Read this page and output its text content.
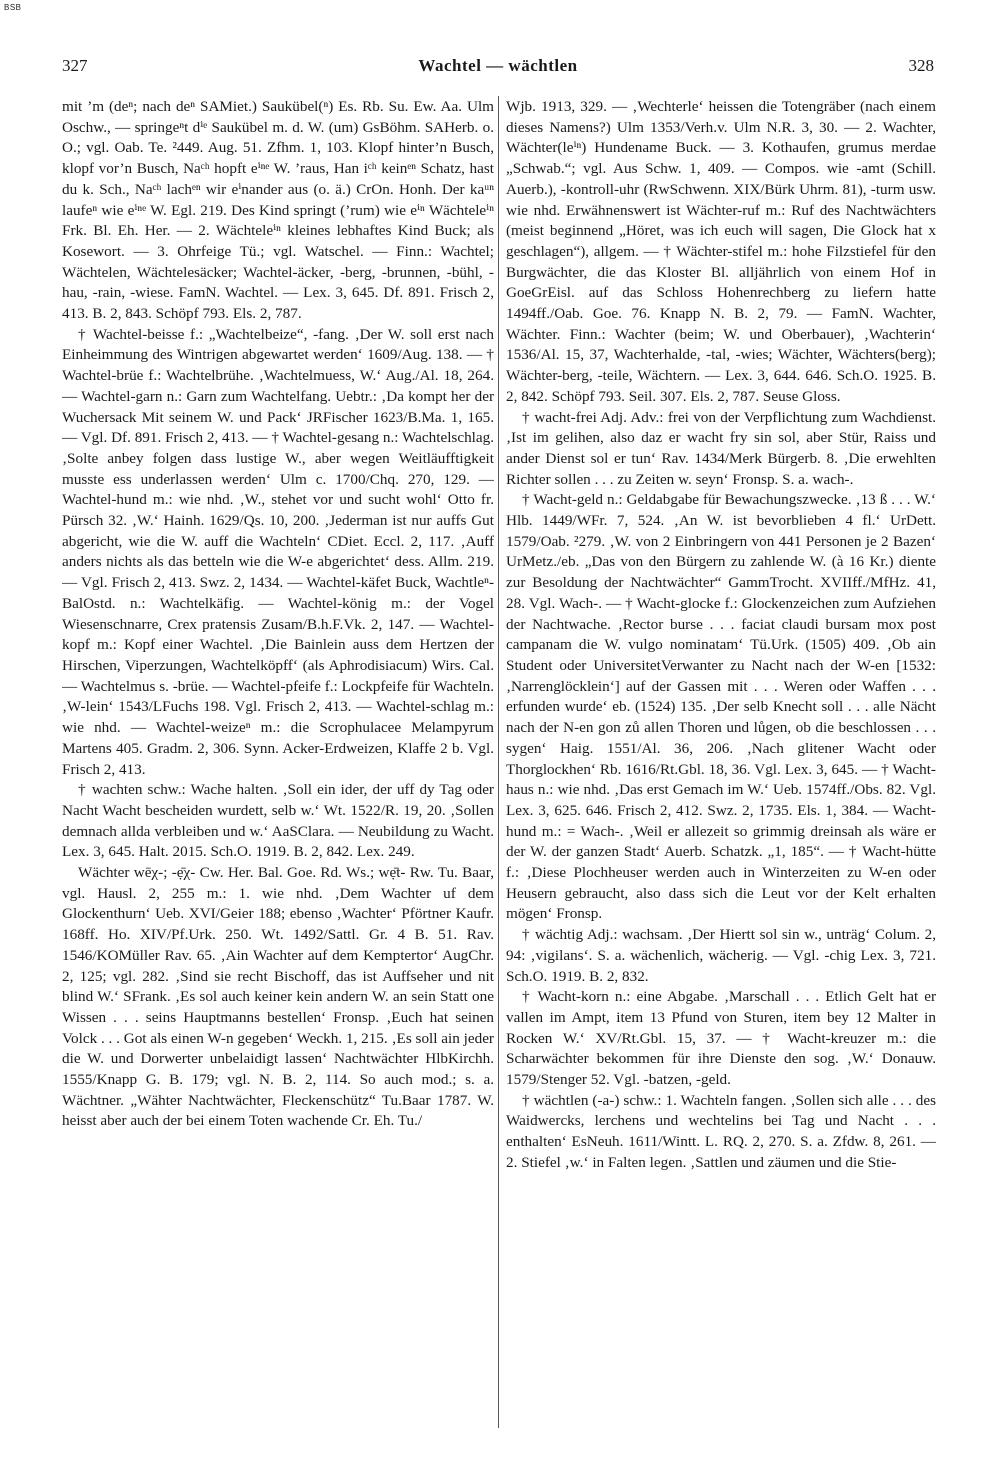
BSB
327	Wachtel — wächtlen	328

mit ’m (deⁿ; nach deⁿ SAMiet.) Saukübel(ⁿ) Es. Rb. Su. Ew. Aa. Ulm Oschw., — springeⁿt dⁱᵉ Saukübel m. d. W. (um) GsBöhm. SAHerb. o. O.; vgl. Oab. Te. ²449. Aug. 51. Zfhm. 1, 103. Klopf hinter’n Busch, klopf vor’n Busch, Naᶜʰ hopft eⁱⁿᵉ W. ’raus, Han iᶜʰ keinᵉⁿ Schatz, hast du k. Sch., Naᶜʰ lachᵉⁿ wir eⁱnander aus (o. ä.) CrOn. Honh. Der kaᵘⁿ laufeⁿ wie eⁱⁿᵉ W. Egl. 219. Des Kind springt (’rum) wie eⁱⁿ Wächteleⁱⁿ Frk. Bl. Eh. Her. — 2. Wächteleⁱⁿ kleines lebhaftes Kind Buck; als Kosewort. — 3. Ohrfeige Tü.; vgl. Watschel. — Finn.: Wachtel; Wächtelen, Wächtelesäcker; Wachtel-äcker, -berg, -brunnen, -bühl, -hau, -rain, -wiese. FamN. Wachtel. — Lex. 3, 645. Df. 891. Frisch 2, 413. B. 2, 843. Schöpf 793. Els. 2, 787.

† Wachtel-beisse f.: „Wachtelbeize“, -fang. ‚Der W. soll erst nach Einheimmung des Wintrigen abgewartet werden‘ 1609/Aug. 138. — † Wachtel-brüe f.: Wachtelbrühe. ‚Wachtelmuess, W.‘ Aug./Al. 18, 264. — Wachtel-garn n.: Garn zum Wachtelfang. Uebtr.: ‚Da kompt her der Wuchersack Mit seinem W. und Pack‘ JRFischer 1623/B.Ma. 1, 165. — Vgl. Df. 891. Frisch 2, 413. — † Wachtel-gesang n.: Wachtelschlag. ‚Solte anbey folgen dass lustige W., aber wegen Weitläufftigkeit musste ess underlassen werden‘ Ulm c. 1700/Chq. 270, 129. — Wachtel-hund m.: wie nhd. ‚W., stehet vor und sucht wohl‘ Otto fr. Pürsch 32. ‚W.‘ Hainh. 1629/Qs. 10, 200. ‚Jederman ist nur auffs Gut abgericht, wie die W. auff die Wachteln‘ CDiet. Eccl. 2, 117. ‚Auff anders nichts als das betteln wie die W-e abgerichtet‘ dess. Allm. 219. — Vgl. Frisch 2, 413. Swz. 2, 1434. — Wachtel-käfet Buck, Wachtleⁿ- BalOstd. n.: Wachtelkäfig. — Wachtel-könig m.: der Vogel Wiesenschnarre, Crex pratensis Zusam/B.h.F.Vk. 2, 147. — Wachtel-kopf m.: Kopf einer Wachtel. ‚Die Bainlein auss dem Hertzen der Hirschen, Viperzungen, Wachtelköpff‘ (als Aphrodisiacum) Wirs. Cal. — Wachtelmus s. -brüe. — Wachtel-pfeife f.: Lockpfeife für Wachteln. ‚W-lein‘ 1543/LFuchs 198. Vgl. Frisch 2, 413. — Wachtel-schlag m.: wie nhd. — Wachtel-weizeⁿ m.: die Scrophulacee Melampyrum Martens 405. Gradm. 2, 306. Synn. Acker-Erdweizen, Klaffe 2 b. Vgl. Frisch 2, 413.

† wachten schw.: Wache halten. ‚Soll ein ider, der uff dy Tag oder Nacht Wacht bescheiden wurdett, selb w.‘ Wt. 1522/R. 19, 20. ‚Sollen demnach allda verbleiben und w.‘ AaSClara. — Neubildung zu Wacht. Lex. 3, 645. Halt. 2015. Sch.O. 1919. B. 2, 842. Lex. 249.

Wächter wēχ-; -ẹ̄χ- Cw. Her. Bal. Goe. Rd. Ws.; wẹ̄t- Rw. Tu. Baar, vgl. Hausl. 2, 255 m.: 1. wie nhd. ‚Dem Wachter uf dem Glockenthurn‘ Ueb. XVI/Geier 188; ebenso ‚Wachter‘ Pförtner Kaufr. 168ff. Ho. XIV/Pf.Urk. 250. Wt. 1492/Sattl. Gr. 4 B. 51. Rav. 1546/KOMüller Rav. 65. ‚Ain Wachter auf dem Kemptertor‘ AugChr. 2, 125; vgl. 282. ‚Sind sie recht Bischoff, das ist Auffseher und nit blind W.‘ SFrank. ‚Es sol auch keiner kein andern W. an sein Statt one Wissen . . . seins Hauptmanns bestellen‘ Fronsp. ‚Euch hat seinen Volck . . . Got als einen W-n gegeben‘ Weckh. 1, 215. ‚Es soll ain jeder die W. und Dorwerter unbelaidigt lassen‘ Nachtwächter HlbKirchh. 1555/Knapp G. B. 179; vgl. N. B. 2, 114. So auch mod.; s. a. Wächtner. „Wähter Nachtwächter, Fleckenschütz“ Tu.Baar 1787. W. heisst aber auch der bei einem Toten wachende Cr. Eh. Tu./

Wjb. 1913, 329. — ‚Wechterle‘ heissen die Totengräber (nach einem dieses Namens?) Ulm 1353/Verh.v. Ulm N.R. 3, 30. — 2. Wachter, Wächter(leⁱⁿ) Hundename Buck. — 3. Kothaufen, grumus merdae „Schwab.“; vgl. Aus Schw. 1, 409. — Compos. wie -amt (Schill. Auerb.), -kontroll-uhr (RwSchwenn. XIX/Bürk Uhrm. 81), -turm usw. wie nhd. Erwähnenswert ist Wächter-ruf m.: Ruf des Nachtwächters (meist beginnend „Höret, was ich euch will sagen, Die Glock hat x geschlagen“), allgem. — † Wächter-stifel m.: hohe Filzstiefel für den Burgwächter, die das Kloster Bl. alljährlich von einem Hof in GoeGrEisl. auf das Schloss Hohenrechberg zu liefern hatte 1494ff./Oab. Goe. 76. Knapp N. B. 2, 79. — FamN. Wachter, Wächter. Finn.: Wachter (beim; W. und Oberbauer), ‚Wachterin‘ 1536/Al. 15, 37, Wachterhalde, -tal, -wies; Wächter, Wächters(berg); Wächter-berg, -teile, Wächtern. — Lex. 3, 644. 646. Sch.O. 1925. B. 2, 842. Schöpf 793. Seil. 307. Els. 2, 787. Seuse Gloss.

† wacht-frei Adj. Adv.: frei von der Verpflichtung zum Wachdienst. ‚Ist im gelihen, also daz er wacht fry sin sol, aber Stür, Raiss und ander Dienst sol er tun‘ Rav. 1434/Merk Bürgerb. 8. ‚Die erwehlten Richter sollen . . . zu Zeiten w. seyn‘ Fronsp. S. a. wach-.

† Wacht-geld n.: Geldabgabe für Bewachungszwecke. ‚13 ß . . . W.‘ Hlb. 1449/WFr. 7, 524. ‚An W. ist bevorblieben 4 fl.‘ UrDett. 1579/Oab. ²279. ‚W. von 2 Einbringern von 441 Personen je 2 Bazen‘ UrMetz./eb. „Das von den Bürgern zu zahlende W. (à 16 Kr.) diente zur Besoldung der Nachtwächter“ GammTrocht. XVIIff./MfHz. 41, 28. Vgl. Wach-. — † Wacht-glocke f.: Glockenzeichen zum Aufziehen der Nachtwache. ‚Rector burse . . . faciat claudi bursam mox post campanam die W. vulgo nominatam‘ Tü.Urk. (1505) 409. ‚Ob ain Student oder UniversitetVerwanter zu Nacht nach der W-en [1532: ‚Narrenglöcklein‘] auf der Gassen mit . . . Weren oder Waffen . . . erfunden wurde‘ eb. (1524) 135. ‚Der selb Knecht soll . . . alle Nächt nach der N-en gon zů allen Thoren und lůgen, ob die beschlossen . . . sygen‘ Haig. 1551/Al. 36, 206. ‚Nach glitener Wacht oder Thorglockhen‘ Rb. 1616/Rt.Gbl. 18, 36. Vgl. Lex. 3, 645. — † Wacht-haus n.: wie nhd. ‚Das erst Gemach im W.‘ Ueb. 1574ff./Obs. 82. Vgl. Lex. 3, 625. 646. Frisch 2, 412. Swz. 2, 1735. Els. 1, 384. — Wacht-hund m.: = Wach-. ‚Weil er allezeit so grimmig dreinsah als wäre er der W. der ganzen Stadt‘ Auerb. Schatzk. „1, 185“. — † Wacht-hütte f.: ‚Diese Plochheuser werden auch in Winterzeiten zu W-en oder Heusern gebraucht, also dass sich die Leut vor der Kelt erhalten mögen‘ Fronsp.

† wächtig Adj.: wachsam. ‚Der Hiertt sol sin w., unträg‘ Colum. 2, 94: ‚vigilans‘. S. a. wächenlich, wächerig. — Vgl. -chig Lex. 3, 721. Sch.O. 1919. B. 2, 832.

† Wacht-korn n.: eine Abgabe. ‚Marschall . . . Etlich Gelt hat er vallen im Ampt, item 13 Pfund von Sturen, item bey 12 Malter in Rocken W.‘ XV/Rt.Gbl. 15, 37. — † Wacht-kreuzer m.: die Scharwächter bekommen für ihre Dienste den sog. ‚W.‘ Donauw. 1579/Stenger 52. Vgl. -batzen, -geld.

† wächtlen (-a-) schw.: 1. Wachteln fangen. ‚Sollen sich alle . . . des Waidwercks, lerchens und wechtelins bei Tag und Nacht . . . enthalten‘ EsNeuh. 1611/Wintt. L. RQ. 2, 270. S. a. Zfdw. 8, 261. — 2. Stiefel ‚w.‘ in Falten legen. ‚Sattlen und zäumen und die Stie-
